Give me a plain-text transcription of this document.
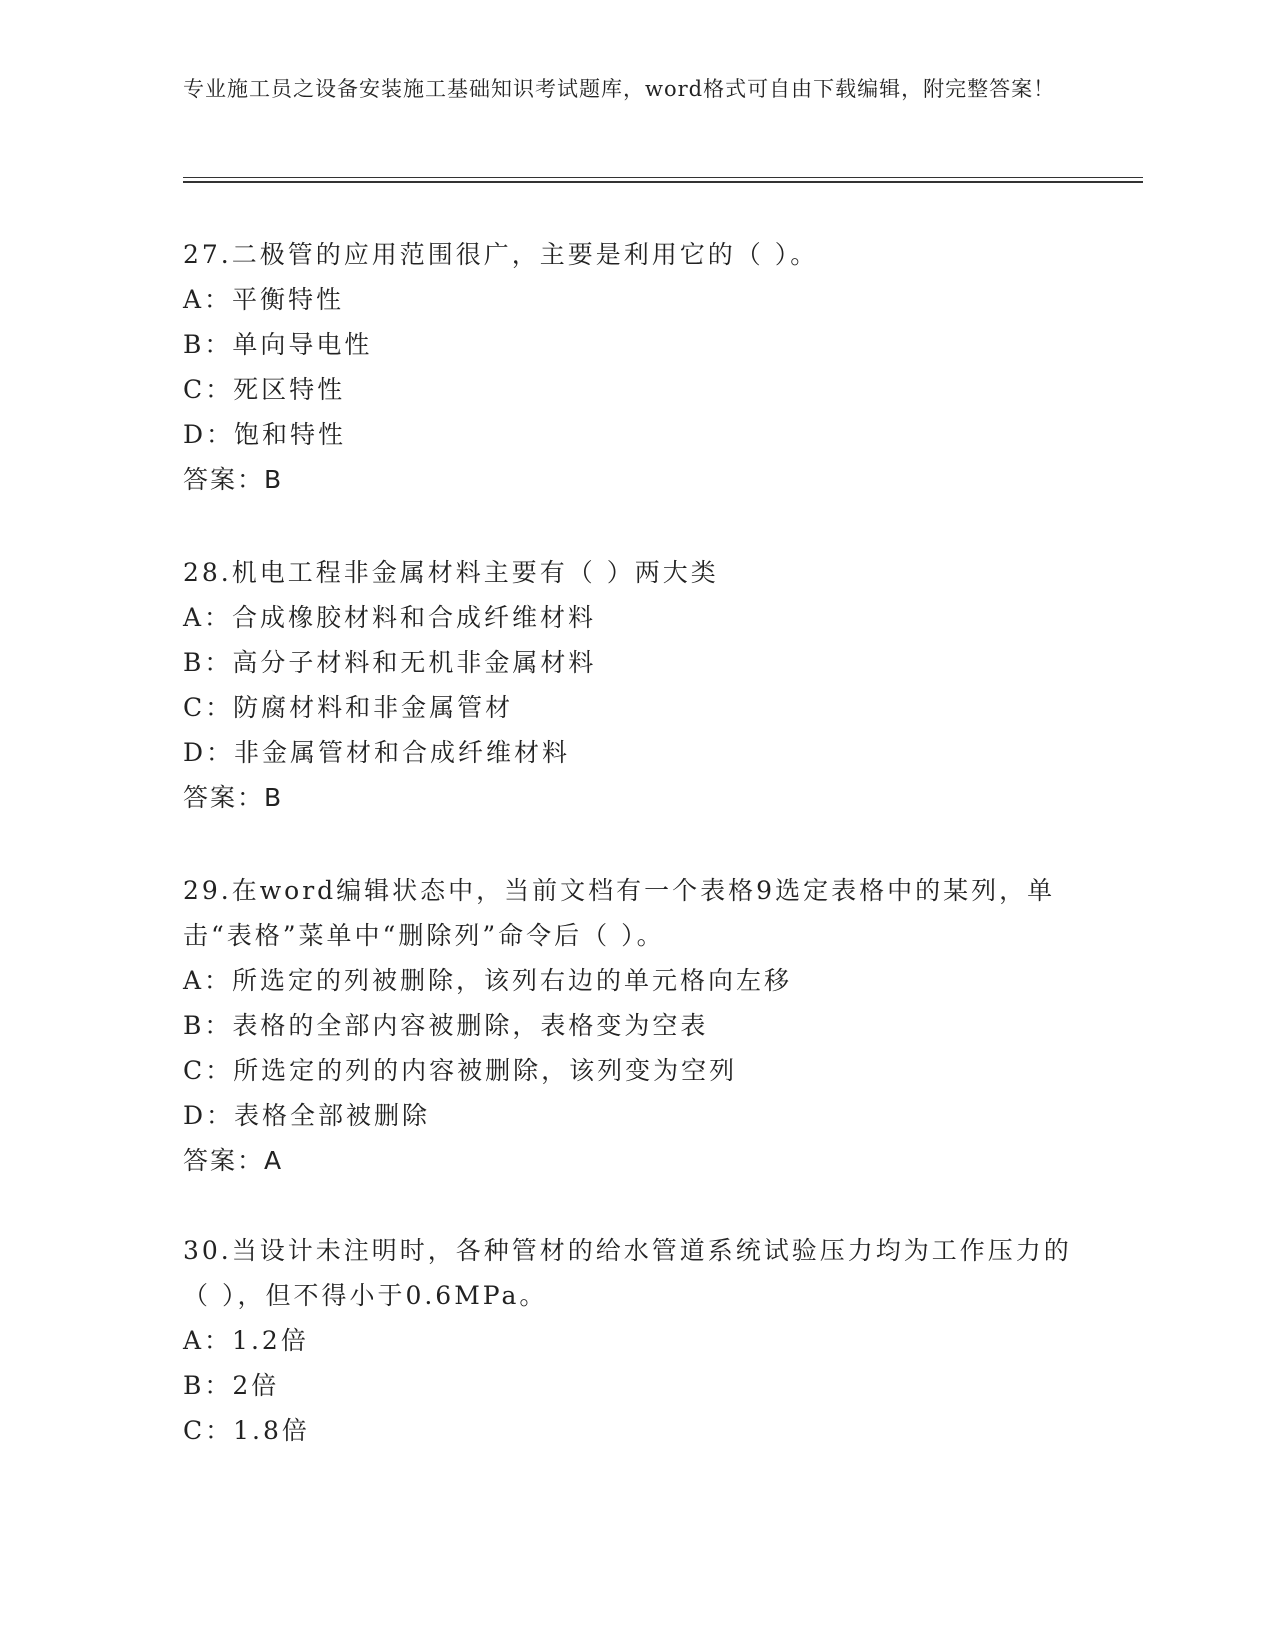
专业施工员之设备安装施工基础知识考试题库，word格式可自由下载编辑，附完整答案！

27.二极管的应用范围很广，主要是利用它的（ ）。

A：平衡特性

B：单向导电性

C：死区特性

D：饱和特性

答案：B

28.机电工程非金属材料主要有（ ）两大类

A：合成橡胶材料和合成纤维材料

B：高分子材料和无机非金属材料

C：防腐材料和非金属管材

D：非金属管材和合成纤维材料

答案：B

29.在word编辑状态中，当前文档有一个表格9选定表格中的某列，单击“表格”菜单中“删除列”命令后（ ）。

A：所选定的列被删除，该列右边的单元格向左移

B：表格的全部内容被删除，表格变为空表

C：所选定的列的内容被删除，该列变为空列

D：表格全部被删除

答案：A

30.当设计未注明时，各种管材的给水管道系统试验压力均为工作压力的（ ），但不得小于0.6MPa。

A：1.2倍

B：2倍

C：1.8倍
